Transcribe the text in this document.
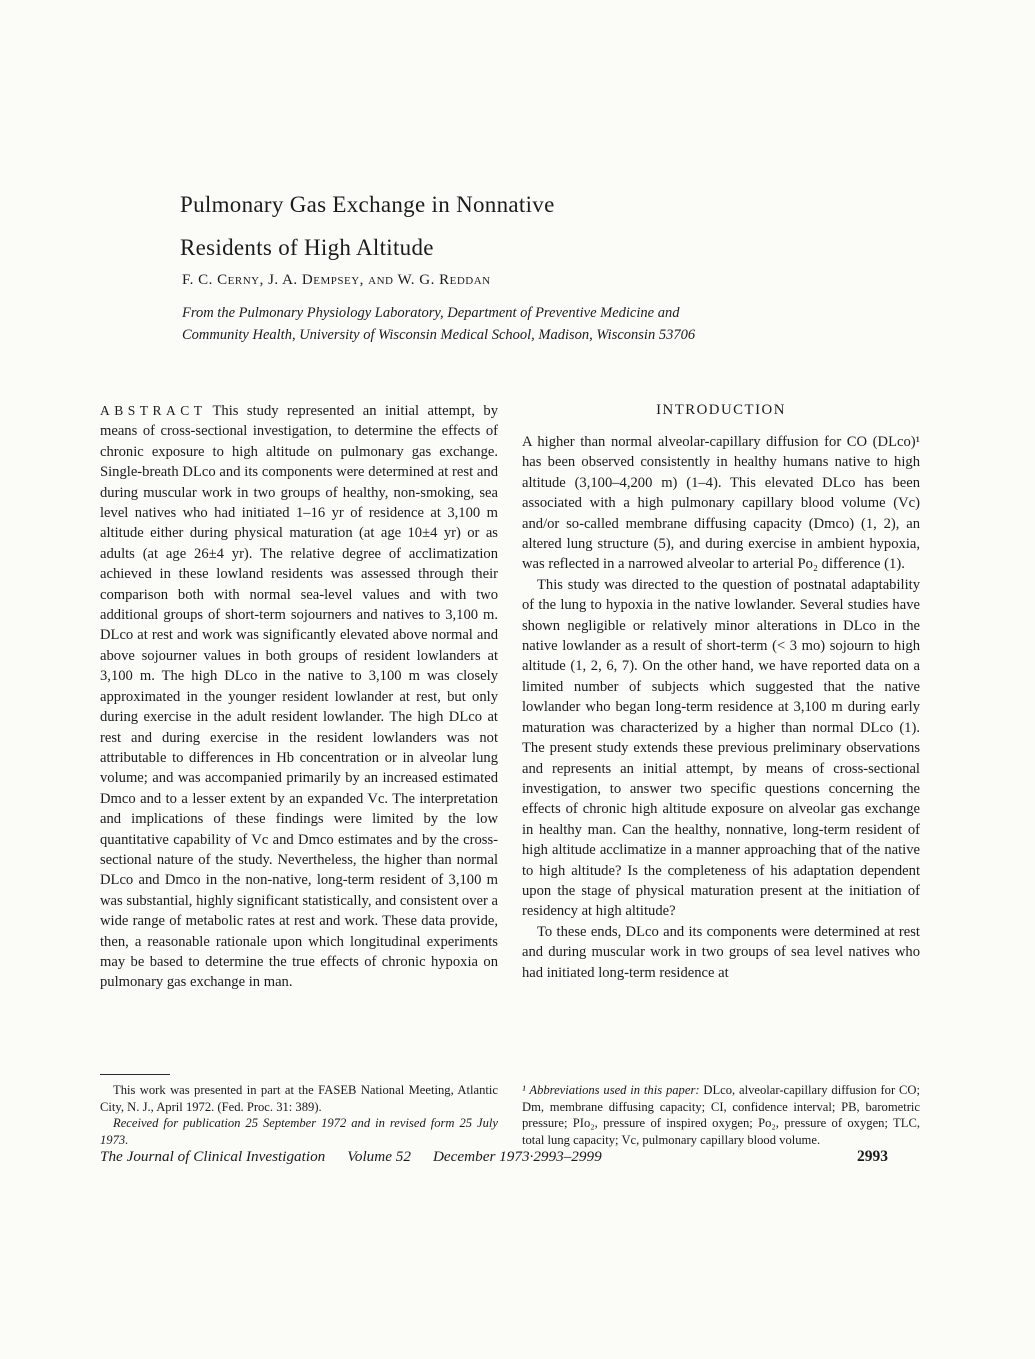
Pulmonary Gas Exchange in Nonnative
Residents of High Altitude
F. C. Cerny, J. A. Dempsey, and W. G. Reddan
From the Pulmonary Physiology Laboratory, Department of Preventive Medicine and Community Health, University of Wisconsin Medical School, Madison, Wisconsin 53706

ABSTRACT This study represented an initial attempt, by means of cross-sectional investigation, to determine the effects of chronic exposure to high altitude on pulmonary gas exchange. Single-breath DLco and its components were determined at rest and during muscular work in two groups of healthy, non-smoking, sea level natives who had initiated 1–16 yr of residence at 3,100 m altitude either during physical maturation (at age 10±4 yr) or as adults (at age 26±4 yr). The relative degree of acclimatization achieved in these lowland residents was assessed through their comparison both with normal sea-level values and with two additional groups of short-term sojourners and natives to 3,100 m. DLco at rest and work was significantly elevated above normal and above sojourner values in both groups of resident lowlanders at 3,100 m. The high DLco in the native to 3,100 m was closely approximated in the younger resident lowlander at rest, but only during exercise in the adult resident lowlander. The high DLco at rest and during exercise in the resident lowlanders was not attributable to differences in Hb concentration or in alveolar lung volume; and was accompanied primarily by an increased estimated Dmco and to a lesser extent by an expanded Vc. The interpretation and implications of these findings were limited by the low quantitative capability of Vc and Dmco estimates and by the cross-sectional nature of the study. Nevertheless, the higher than normal DLco and Dmco in the non-native, long-term resident of 3,100 m was substantial, highly significant statistically, and consistent over a wide range of metabolic rates at rest and work. These data provide, then, a reasonable rationale upon which longitudinal experiments may be based to determine the true effects of chronic hypoxia on pulmonary gas exchange in man.

This work was presented in part at the FASEB National Meeting, Atlantic City, N. J., April 1972. (Fed. Proc. 31: 389).

Received for publication 25 September 1972 and in revised form 25 July 1973.

INTRODUCTION

A higher than normal alveolar-capillary diffusion for CO (DLco)¹ has been observed consistently in healthy humans native to high altitude (3,100–4,200 m) (1–4). This elevated DLco has been associated with a high pulmonary capillary blood volume (Vc) and/or so-called membrane diffusing capacity (Dmco) (1, 2), an altered lung structure (5), and during exercise in ambient hypoxia, was reflected in a narrowed alveolar to arterial Po₂ difference (1).

This study was directed to the question of postnatal adaptability of the lung to hypoxia in the native lowlander. Several studies have shown negligible or relatively minor alterations in DLco in the native lowlander as a result of short-term (< 3 mo) sojourn to high altitude (1, 2, 6, 7). On the other hand, we have reported data on a limited number of subjects which suggested that the native lowlander who began long-term residence at 3,100 m during early maturation was characterized by a higher than normal DLco (1). The present study extends these previous preliminary observations and represents an initial attempt, by means of cross-sectional investigation, to answer two specific questions concerning the effects of chronic high altitude exposure on alveolar gas exchange in healthy man. Can the healthy, nonnative, long-term resident of high altitude acclimatize in a manner approaching that of the native to high altitude? Is the completeness of his adaptation dependent upon the stage of physical maturation present at the initiation of residency at high altitude?

To these ends, DLco and its components were determined at rest and during muscular work in two groups of sea level natives who had initiated long-term residence at

¹ Abbreviations used in this paper: DLco, alveolar-capillary diffusion for CO; Dm, membrane diffusing capacity; CI, confidence interval; PB, barometric pressure; PIo₂, pressure of inspired oxygen; Po₂, pressure of oxygen; TLC, total lung capacity; Vc, pulmonary capillary blood volume.

The Journal of Clinical Investigation Volume 52 December 1973·2993–2999	2993
